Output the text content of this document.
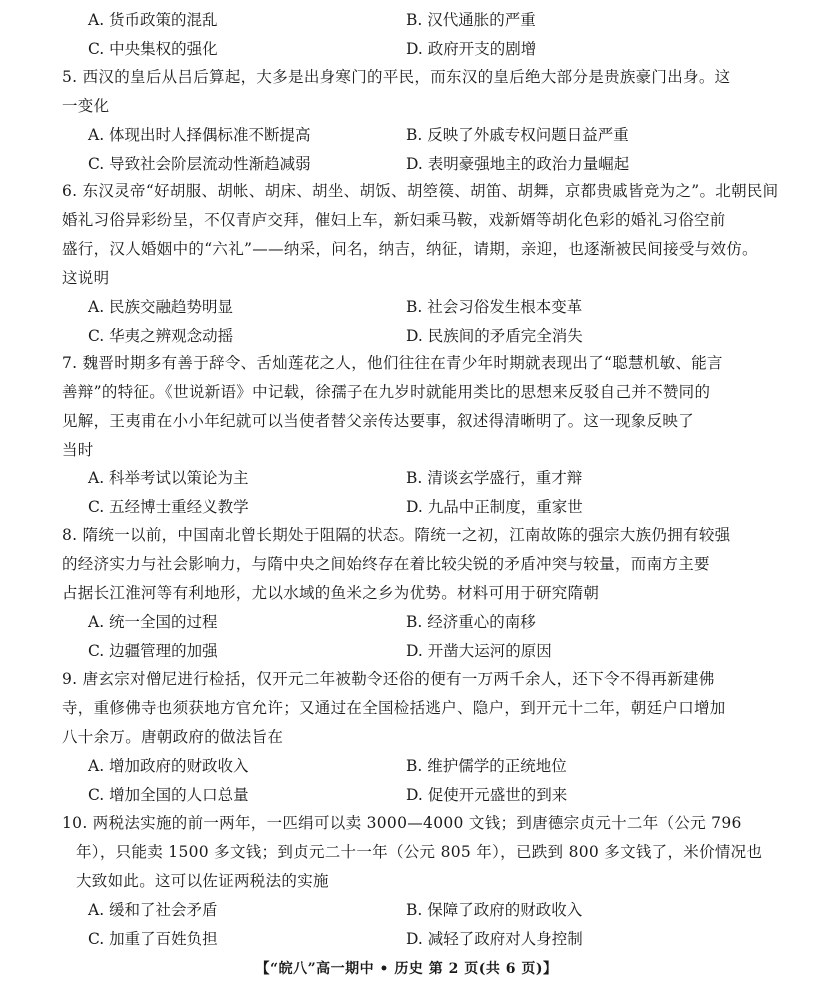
A. 货币政策的混乱	B. 汉代通胀的严重
C. 中央集权的强化	D. 政府开支的剧增
5. 西汉的皇后从吕后算起，大多是出身寒门的平民，而东汉的皇后绝大部分是贵族豪门出身。这
一变化
A. 体现出时人择偶标准不断提高	B. 反映了外戚专权问题日益严重
C. 导致社会阶层流动性渐趋减弱	D. 表明豪强地主的政治力量崛起
6. 东汉灵帝“好胡服、胡帐、胡床、胡坐、胡饭、胡箜篌、胡笛、胡舞，京都贵戚皆竞为之”。北朝民间
婚礼习俗异彩纷呈，不仅青庐交拜，催妇上车，新妇乘马鞍，戏新婿等胡化色彩的婚礼习俗空前
盛行，汉人婚姻中的“六礼”——纳采，问名，纳吉，纳征，请期，亲迎，也逐渐被民间接受与效仿。
这说明
A. 民族交融趋势明显	B. 社会习俗发生根本变革
C. 华夷之辨观念动摇	D. 民族间的矛盾完全消失
7. 魏晋时期多有善于辞令、舌灿莲花之人，他们往往在青少年时期就表现出了“聪慧机敏、能言
善辩”的特征。《世说新语》中记载，徐孺子在九岁时就能用类比的思想来反驳自己并不赞同的
见解，王夷甫在小小年纪就可以当使者替父亲传达要事，叙述得清晰明了。这一现象反映了
当时
A. 科举考试以策论为主	B. 清谈玄学盛行，重才辩
C. 五经博士重经义教学	D. 九品中正制度，重家世
8. 隋统一以前，中国南北曾长期处于阻隔的状态。隋统一之初，江南故陈的强宗大族仍拥有较强
的经济实力与社会影响力，与隋中央之间始终存在着比较尖锐的矛盾冲突与较量，而南方主要
占据长江淮河等有利地形，尤以水域的鱼米之乡为优势。材料可用于研究隋朝
A. 统一全国的过程	B. 经济重心的南移
C. 边疆管理的加强	D. 开凿大运河的原因
9. 唐玄宗对僧尼进行检括，仅开元二年被勒令还俗的便有一万两千余人，还下令不得再新建佛
寺，重修佛寺也须获地方官允许；又通过在全国检括逃户、隐户，到开元十二年，朝廷户口增加
八十余万。唐朝政府的做法旨在
A. 增加政府的财政收入	B. 维护儒学的正统地位
C. 增加全国的人口总量	D. 促使开元盛世的到来
10. 两税法实施的前一两年，一匹绢可以卖 3000—4000 文钱；到唐德宗贞元十二年（公元 796
年），只能卖 1500 多文钱；到贞元二十一年（公元 805 年），已跌到 800 多文钱了，米价情况也
大致如此。这可以佐证两税法的实施
A. 缓和了社会矛盾	B. 保障了政府的财政收入
C. 加重了百姓负担	D. 减轻了政府对人身控制
【“皖八”高一期中 • 历史 第 2 页(共 6 页)】
